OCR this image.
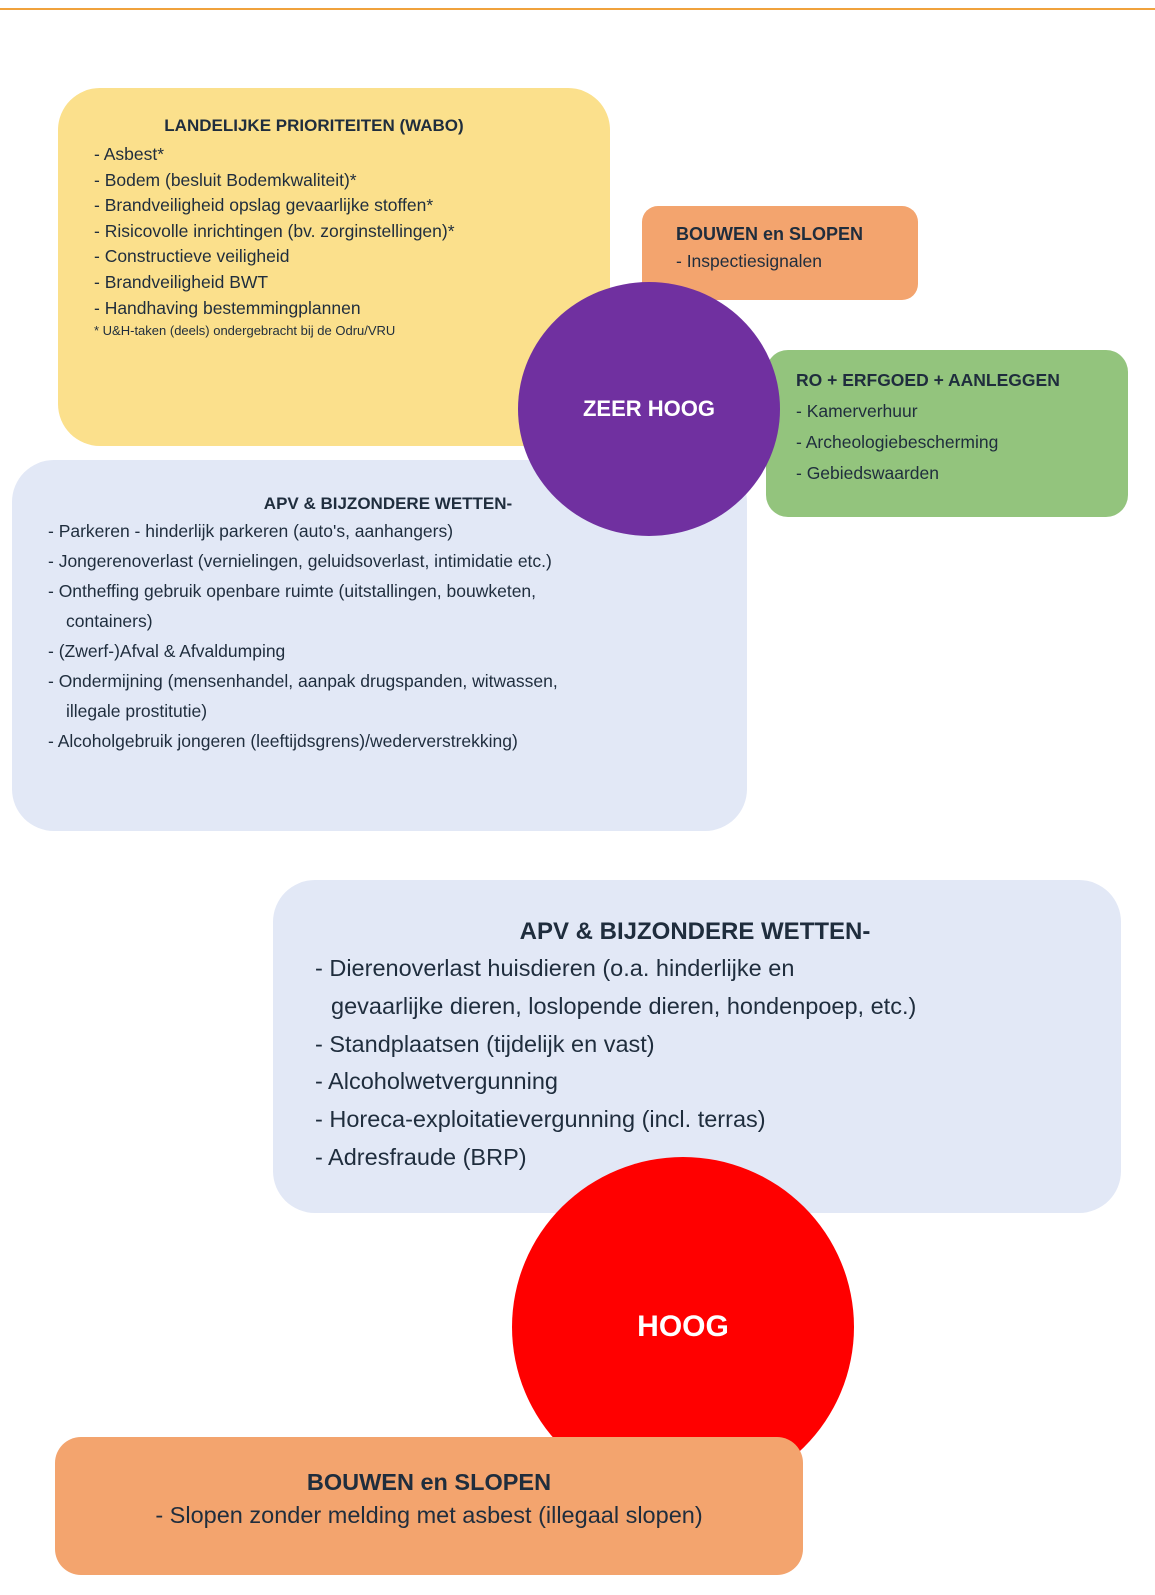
LANDELIJKE PRIORITEITEN (WABO)
- Asbest*
- Bodem (besluit Bodemkwaliteit)*
- Brandveiligheid opslag gevaarlijke stoffen*
- Risicovolle inrichtingen (bv. zorginstellingen)*
- Constructieve veiligheid
- Brandveiligheid BWT
- Handhaving bestemmingplannen
* U&H-taken (deels) ondergebracht bij de Odru/VRU
BOUWEN en SLOPEN
- Inspectiesignalen
APV & BIJZONDERE WETTEN-
- Parkeren - hinderlijk parkeren (auto's, aanhangers)
- Jongerenoverlast (vernielingen, geluidsoverlast, intimidatie etc.)
- Ontheffing gebruik openbare ruimte (uitstallingen, bouwketen,
containers)
- (Zwerf-)Afval & Afvaldumping
- Ondermijning (mensenhandel, aanpak drugspanden, witwassen,
illegale prostitutie)
- Alcoholgebruik jongeren (leeftijdsgrens)/wederverstrekking)
RO + ERFGOED + AANLEGGEN
- Kamerverhuur
- Archeologiebescherming
- Gebiedswaarden
ZEER HOOG
APV & BIJZONDERE WETTEN-
- Dierenoverlast huisdieren (o.a. hinderlijke en
gevaarlijke dieren, loslopende dieren, hondenpoep, etc.)
- Standplaatsen (tijdelijk en vast)
- Alcoholwetvergunning
- Horeca-exploitatievergunning (incl. terras)
- Adresfraude (BRP)
HOOG
BOUWEN en SLOPEN
- Slopen zonder melding met asbest (illegaal slopen)
